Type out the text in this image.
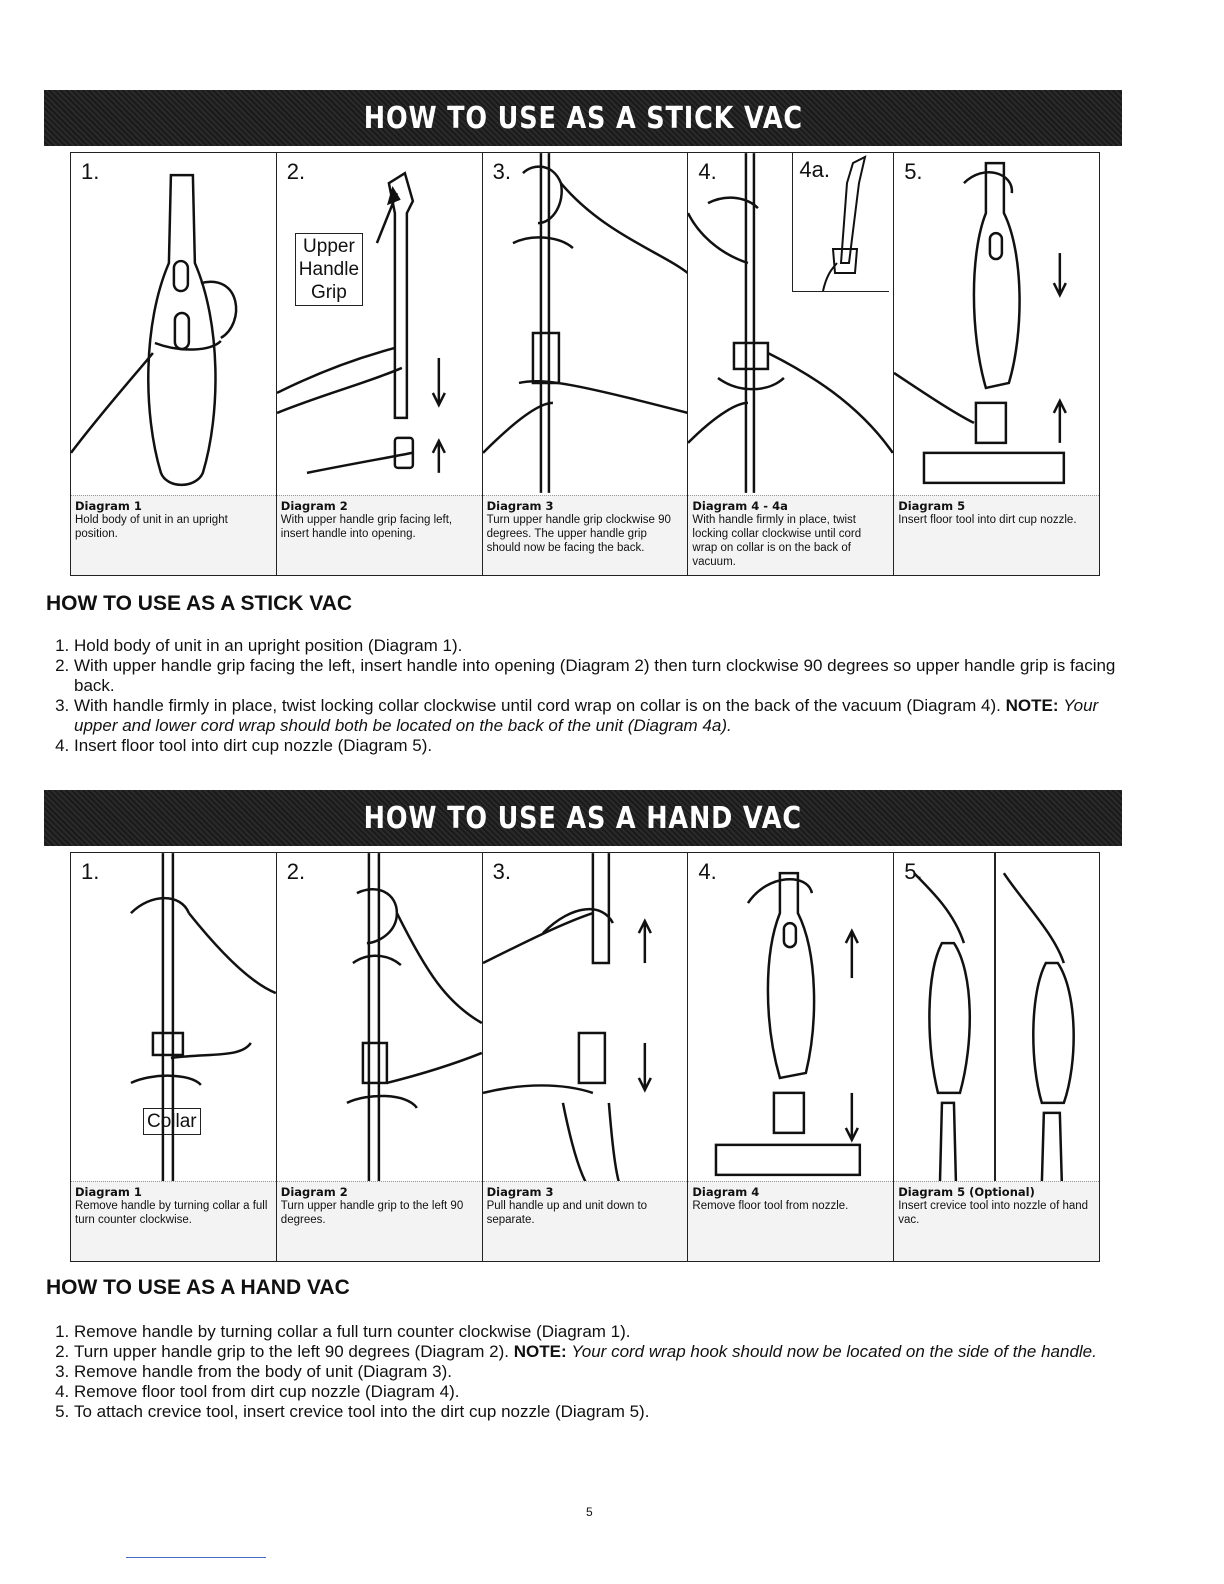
HOW TO USE AS A STICK VAC
1.
Diagram 1
Hold body of unit in an upright position.
2.
Upper
Handle
Grip
Diagram 2
With upper handle grip facing left, insert handle into opening.
3.
Diagram 3
Turn upper handle grip clockwise 90 degrees. The upper handle grip should now be facing the back.
4.	4a.
Diagram 4 - 4a
With handle firmly in place, twist locking collar clockwise until cord wrap on collar is on the back of vacuum.
5.
Diagram 5
Insert floor tool into dirt cup nozzle.
HOW TO USE AS A STICK VAC
1. Hold body of unit in an upright position (Diagram 1).
2. With upper handle grip facing the left, insert handle into opening (Diagram 2) then turn clockwise 90 degrees so upper handle grip is facing back.
3. With handle firmly in place, twist locking collar clockwise until cord wrap on collar is on the back of the vacuum (Diagram 4). NOTE: Your upper and lower cord wrap should both be located on the back of the unit (Diagram 4a).
4. Insert floor tool into dirt cup nozzle (Diagram 5).
HOW TO USE AS A HAND VAC
1.
Collar
Diagram 1
Remove handle by turning collar a full turn counter clockwise.
2.
Diagram 2
Turn upper handle grip to the left 90 degrees.
3.
Diagram 3
Pull handle up and unit down to separate.
4.
Diagram 4
Remove floor tool from nozzle.
5.
Diagram 5 (Optional)
Insert crevice tool into nozzle of hand vac.
HOW TO USE AS A HAND VAC
1. Remove handle by turning collar a full turn counter clockwise (Diagram 1).
2. Turn upper handle grip to the left 90 degrees (Diagram 2). NOTE: Your cord wrap hook should now be located on the side of the handle.
3. Remove handle from the body of unit (Diagram 3).
4. Remove floor tool from dirt cup nozzle (Diagram 4).
5. To attach crevice tool, insert crevice tool into the dirt cup nozzle (Diagram 5).
5
